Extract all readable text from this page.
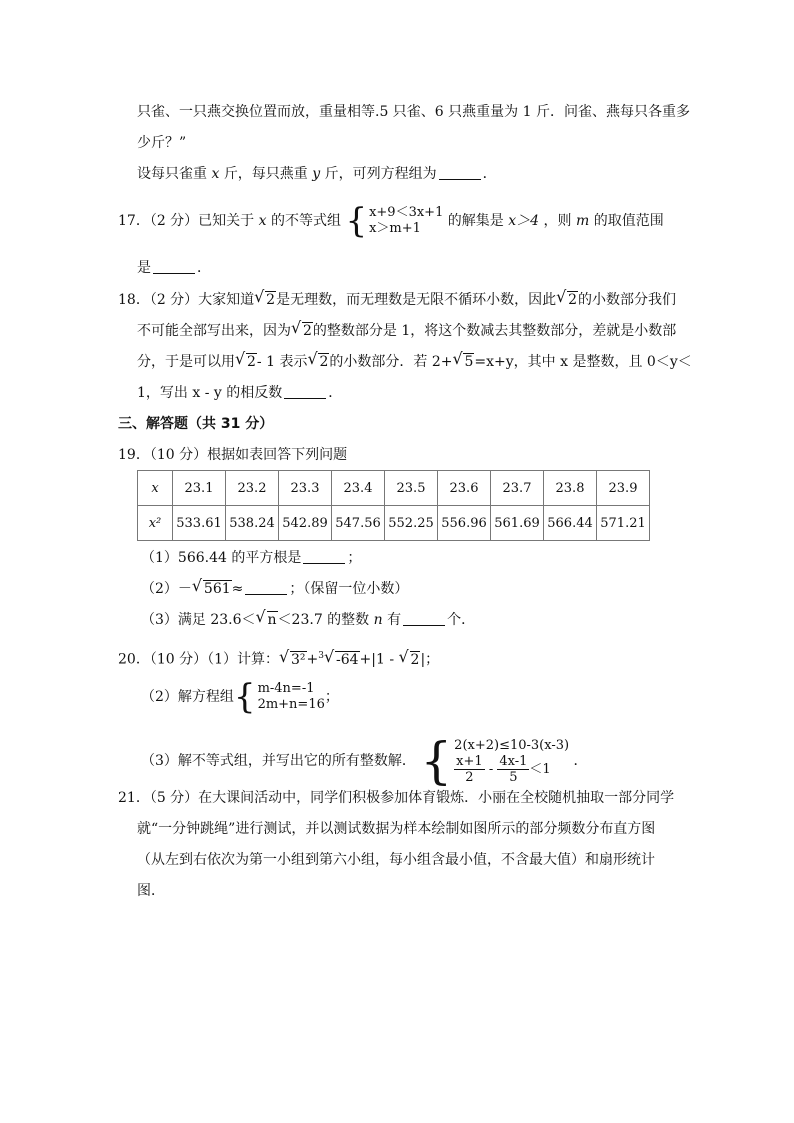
只雀、一只燕交换位置而放，重量相等.5 只雀、6 只燕重量为 1 斤．问雀、燕每只各重多
少斤？”
设每只雀重 x 斤，每只燕重 y 斤，可列方程组为	．
17．（2 分）已知关于 x 的不等式组 { x+9＜3x+1
x＞m+1 的解集是 x＞4 ，则 m 的取值范围
是	．
18．（2 分）大家知道 √ 2是无理数，而无理数是无限不循环小数，因此 √ 2的小数部分我们
不可能全部写出来，因为 √ 2的整数部分是 1，将这个数减去其整数部分，差就是小数部
分，于是可以用 √ 2- 1 表示 √ 2的小数部分．若 2+ √ 5=x+y，其中 x 是整数，且 0＜y＜
1，写出 x - y 的相反数	．
三、解答题（共 31 分）
19．（10 分）根据如表回答下列问题
x	23.1	23.2	23.3	23.4	23.5	23.6	23.7	23.8	23.9
x²	533.61	538.24	542.89	547.56	552.25	556.96	561.69	566.44	571.21
（1）566.44 的平方根是	；
（2）－ √ 561≈	；（保留一位小数）
（3）满足 23.6＜ √ n＜23.7 的整数 n 有	个．
20．（10 分）（1）计算： √ 3²+$^3$ √ -64+|1 - √ 2|；
（2）解方程组{ m-4n=-1
2m+n=16；
（3）解不等式组，并写出它的所有整数解． { 2(x+2)≤10-3(x-3)

$\frac{x+1}{2} - \frac{4x-1}{5} <1$ ．
21．（5 分）在大课间活动中，同学们积极参加体育锻炼．小丽在全校随机抽取一部分同学
就“一分钟跳绳”进行测试，并以测试数据为样本绘制如图所示的部分频数分布直方图
（从左到右依次为第一小组到第六小组，每小组含最小值，不含最大值）和扇形统计
图．
